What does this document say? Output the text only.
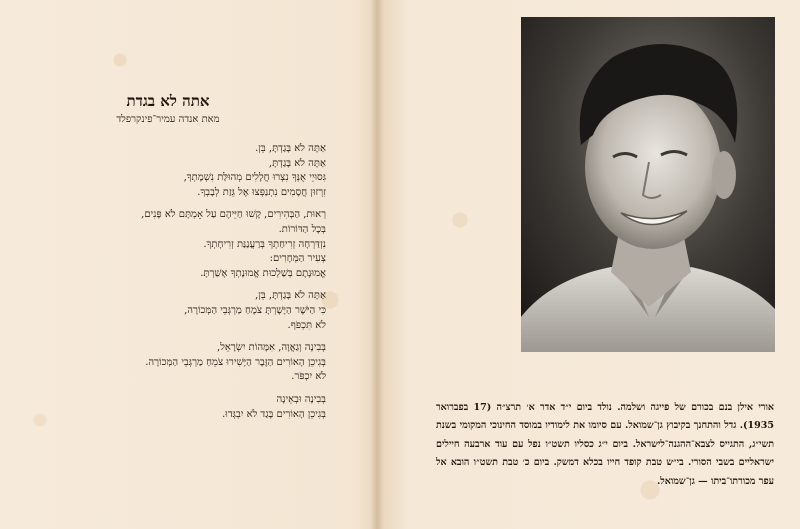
אתה לא בגדת

מאת אנדה עמיר־פינקרפלד

אַתָּה לֹא בָּגַדְתָּ, בֵּן.
אַתָּה לֹא בָּגַדְתָּ,
גִּסוּיֵי אֻנְּךָ נִצְרוּ חֲלָלִים מְהוּלַּת נִשְׁמָתְךָ,
זִרְזוּן חֲסָמִים נִתְנַפְּצוּ אֶל גֵּזַת לְבָבְךָ.

רְאוּת, הַבְּהִירִים, קָשׁוּ חַיֵּיהֶם עַל אָמְתָּם לֹא פָּנִים,
בְּכָל הַדּוֹרוֹת.
נִזְדַּרְחָה זְרִיחַתְךָ בְּרַעֲנַנַּת זְרִיחָתְךָ.
צְעִיר הַמְּחָרִים:
אֱמוּנָתֶם בְּשַׁלְכוּת אֱמוּנָתְךָ אָשַׁרְתָּ.

אַתָּה לֹא בָּגַדְתָּ, בֵּן,
כִּי הַיֹּשֶׁר הַיָּשָׁרְתָּ צֹמֶחַ מַרְגְּבֵי הַמְּכוֹרָה,
לֹא תִּכְפֹּף.

בְּבִינָה וְגַאֲוָה, אִמָּהוֹת יִשְׂרָאֵל,
בְּגִיכֵן הָאוֹרִים הַזֶּבֶר הַיָּשִׁירוּ צֹמֵחַ מַרְגְּבֵי הַמְּכוֹרָה.
לֹא יִכְפֹּר.

בְּבִינָה וּבְאֵינָה
בְּגִיכֵן הָאוֹרִים בָּגַד לֹא יִבְגְּדוּ.

אורי אילן בנם בכורם של פייגה ושלמה. נולד ביום י״ד אדר א׳ תרצ״ה (17 בפברואר 1935). גדל והתחנך בקיבוץ גן־שמואל. עם סיומו את לימודיו במוסד החינוכי המקומי בשנת תשי״ג, התגייס לצבא־ההגנה־לישראל. ביום י״ג כסליו תשט״ו נפל עם עוד ארבעה חיילים ישראליים בשבי הסורי. בי״ש טבת קופד חייו בכלא דמשק. ביום כ׳ טבת תשט״ו הובא אל עפר מכורתו־ביתו — גן־שמואל.
